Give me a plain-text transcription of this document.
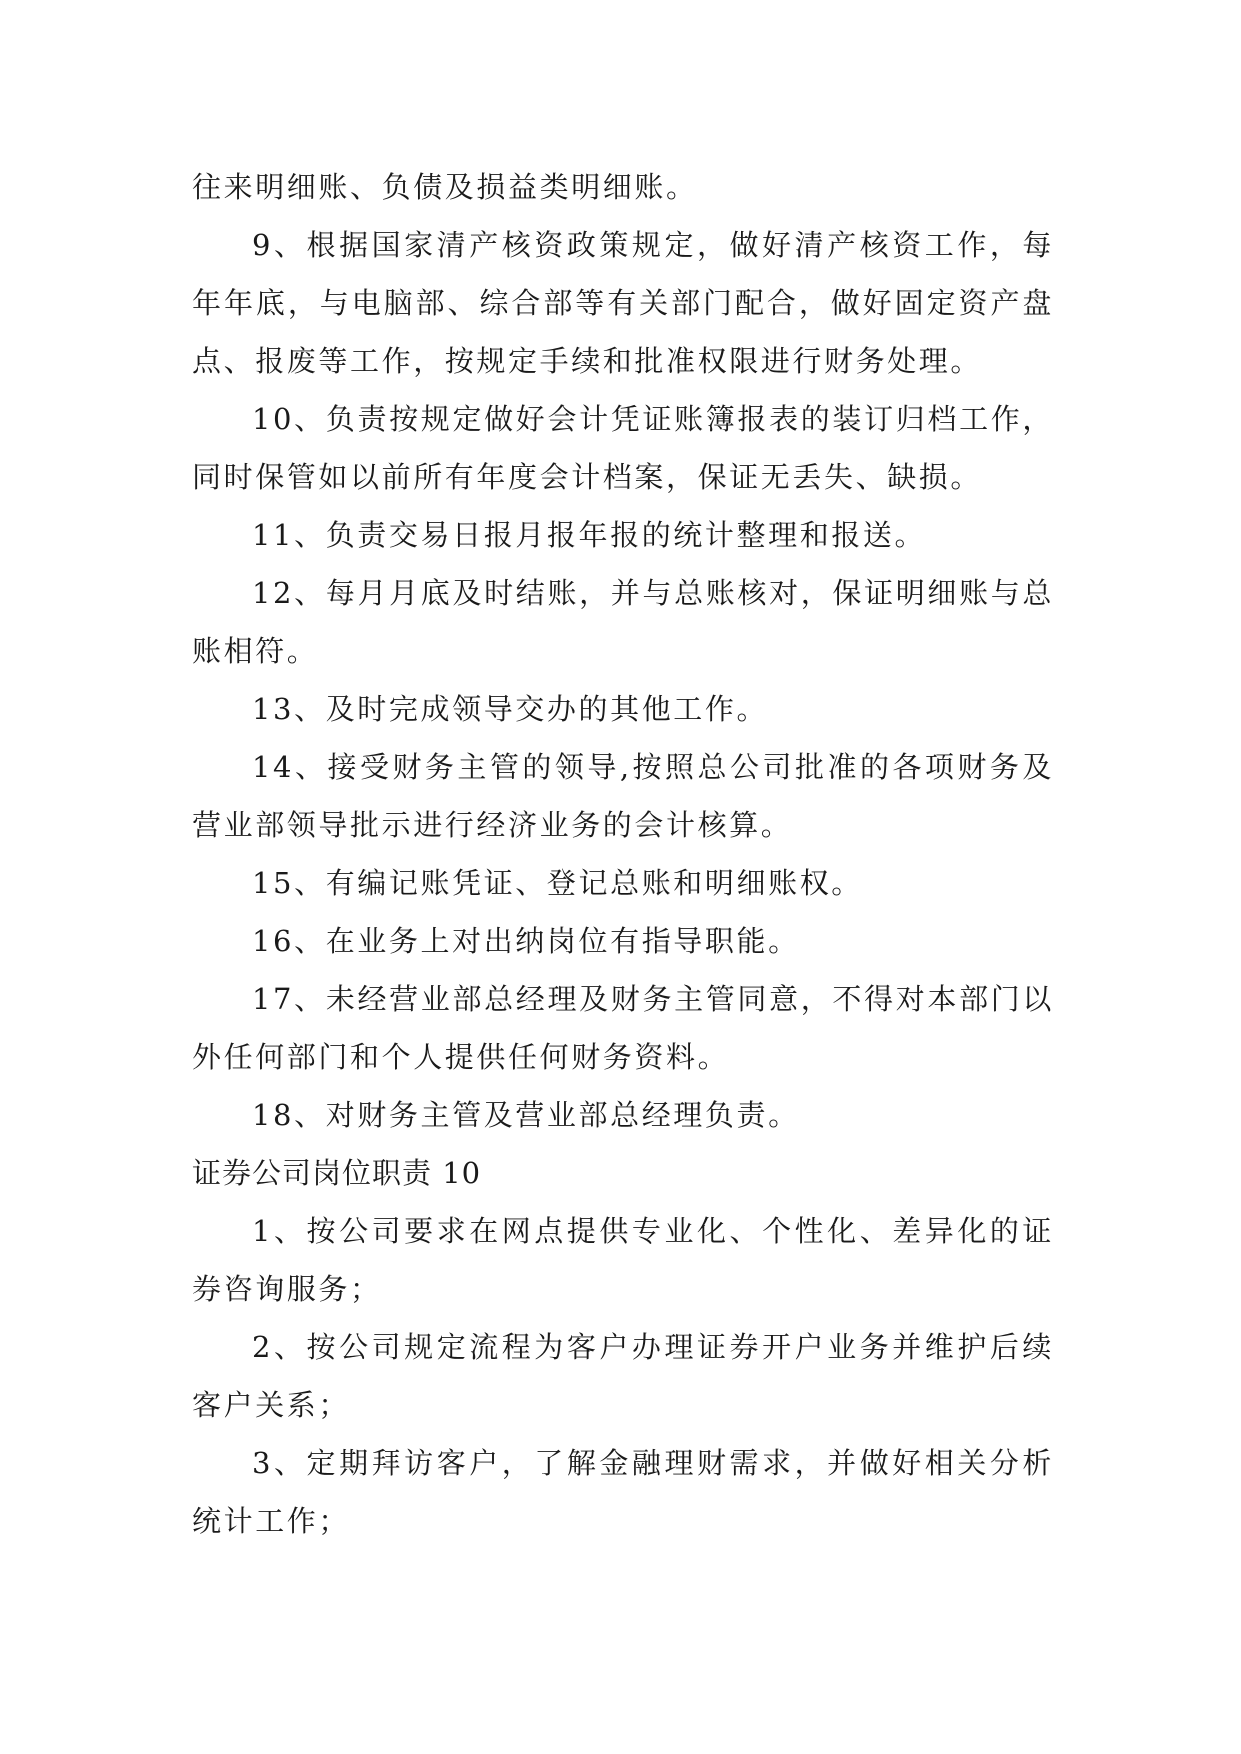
往来明细账、负债及损益类明细账。

9、根据国家清产核资政策规定，做好清产核资工作，每年年底，与电脑部、综合部等有关部门配合，做好固定资产盘点、报废等工作，按规定手续和批准权限进行财务处理。

10、负责按规定做好会计凭证账簿报表的装订归档工作，同时保管如以前所有年度会计档案，保证无丢失、缺损。

11、负责交易日报月报年报的统计整理和报送。

12、每月月底及时结账，并与总账核对，保证明细账与总账相符。

13、及时完成领导交办的其他工作。

14、接受财务主管的领导,按照总公司批准的各项财务及营业部领导批示进行经济业务的会计核算。

15、有编记账凭证、登记总账和明细账权。

16、在业务上对出纳岗位有指导职能。

17、未经营业部总经理及财务主管同意，不得对本部门以外任何部门和个人提供任何财务资料。

18、对财务主管及营业部总经理负责。

证券公司岗位职责 10

1、按公司要求在网点提供专业化、个性化、差异化的证券咨询服务；

2、按公司规定流程为客户办理证券开户业务并维护后续客户关系；

3、定期拜访客户，了解金融理财需求，并做好相关分析统计工作；
